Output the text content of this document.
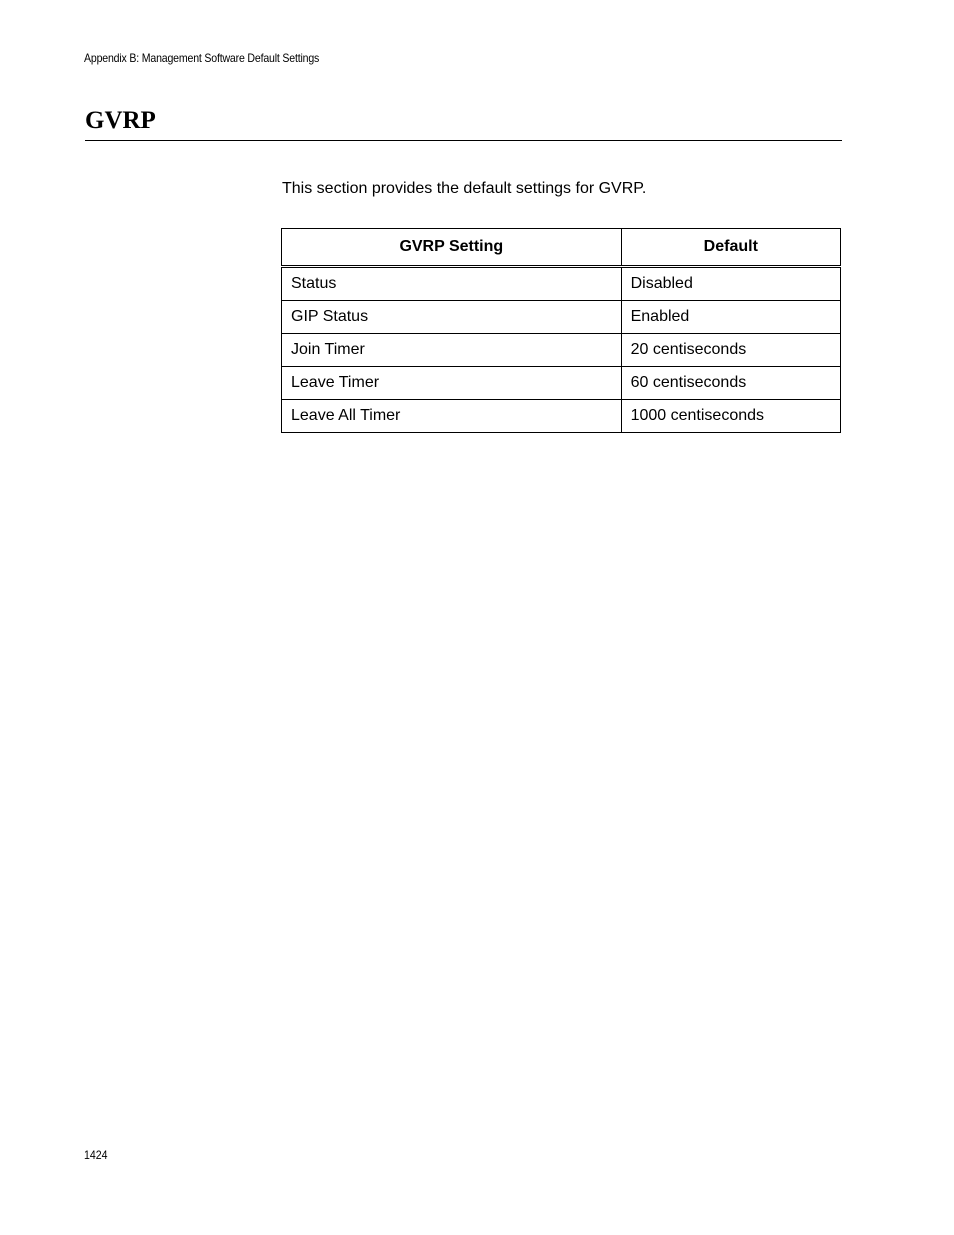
Appendix B: Management Software Default Settings
GVRP

This section provides the default settings for GVRP.

GVRP Setting	Default
Status	Disabled
GIP Status	Enabled
Join Timer	20 centiseconds
Leave Timer	60 centiseconds
Leave All Timer	1000 centiseconds
1424
